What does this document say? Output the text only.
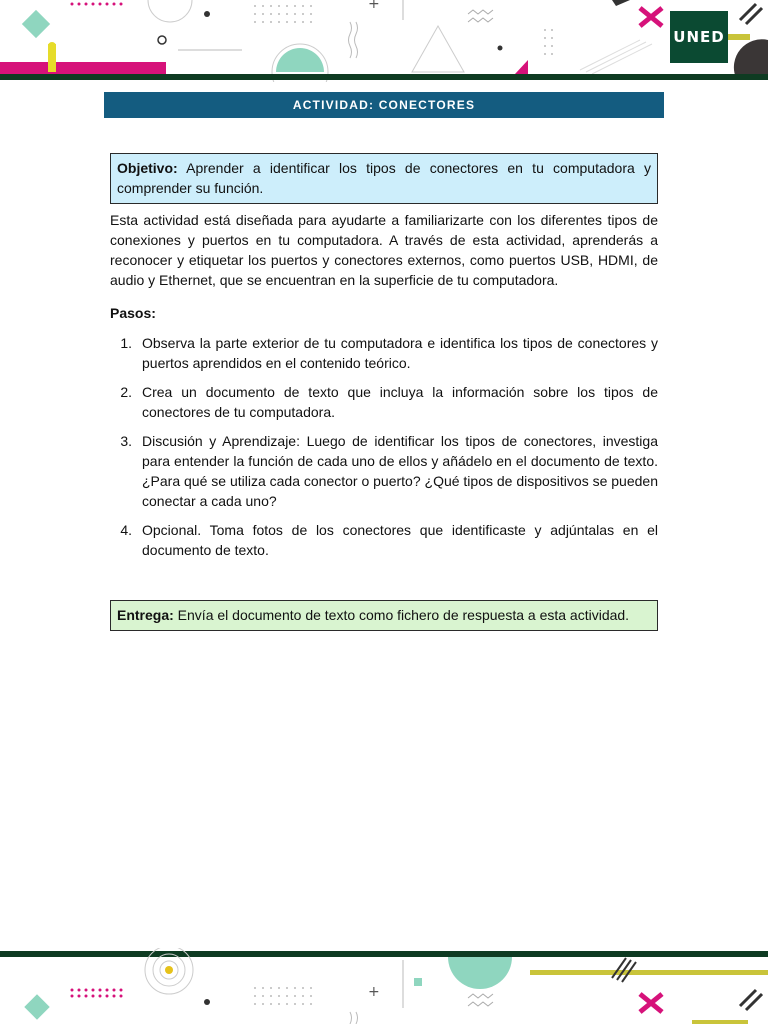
+
UNED
ACTIVIDAD: CONECTORES
Objetivo: Aprender a identificar los tipos de conectores en tu computadora y comprender su función.

Esta actividad está diseñada para ayudarte a familiarizarte con los diferentes tipos de conexiones y puertos en tu computadora. A través de esta actividad, aprenderás a reconocer y etiquetar los puertos y conectores externos, como puertos USB, HDMI, de audio y Ethernet, que se encuentran en la superficie de tu computadora.

Pasos:
1. Observa la parte exterior de tu computadora e identifica los tipos de conectores y puertos aprendidos en el contenido teórico.
2. Crea un documento de texto que incluya la información sobre los tipos de conectores de tu computadora.
3. Discusión y Aprendizaje: Luego de identificar los tipos de conectores, investiga para entender la función de cada uno de ellos y añádelo en el documento de texto. ¿Para qué se utiliza cada conector o puerto? ¿Qué tipos de dispositivos se pueden conectar a cada uno?
4. Opcional. Toma fotos de los conectores que identificaste y adjúntalas en el documento de texto.
Entrega: Envía el documento de texto como fichero de respuesta a esta actividad.
+
